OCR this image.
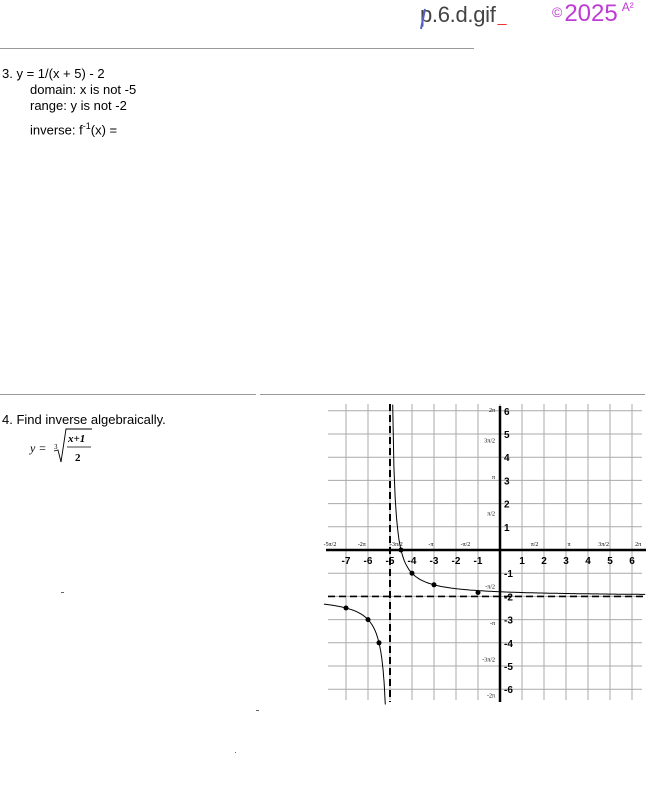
p.6.d.gif _	©2025 $^{A^2}$
3. y = 1/(x + 5) - 2
domain: x is not -5
range: y is not -2
inverse: $f^{-1}(x)$ =
4. Find inverse algebraically.
y = 3
x+1
2
-7 -6 -5 -4 -3 -2 -1	1 2 3 4 5 6
6
5
4
3
2
1
-1
-2
-3
-4
-5
-6
-5π/2	-2π	-3π/2	-π	-π/2	π/2	π	3π/2	2π
2π
3π/2
π
π/2
-π/2
-π
-3π/2
-2π
